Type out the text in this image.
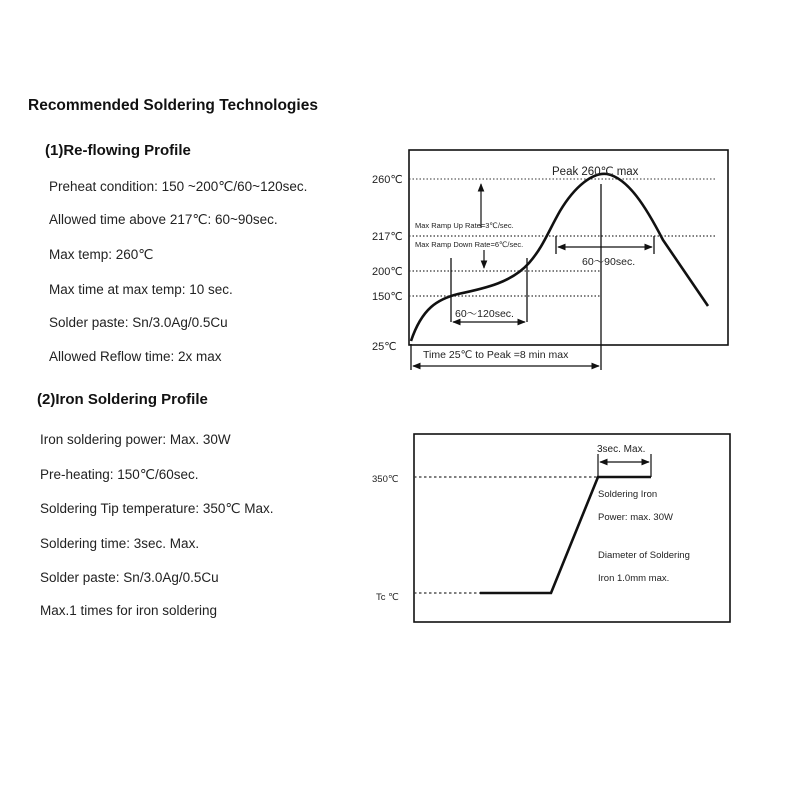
Recommended Soldering Technologies
(1)Re-flowing Profile
Preheat condition: 150 ~200℃/60~120sec.
Allowed time above 217℃: 60~90sec.
Max temp: 260℃
Max time at max temp: 10 sec.
Solder paste: Sn/3.0Ag/0.5Cu
Allowed Reflow time: 2x max
(2)Iron Soldering Profile
Iron soldering power: Max. 30W
Pre-heating: 150℃/60sec.
Soldering Tip temperature: 350℃ Max.
Soldering time: 3sec. Max.
Solder paste: Sn/3.0Ag/0.5Cu
Max.1 times for iron soldering
260℃
217℃
200℃
150℃
25℃
Peak 260℃ max
Max Ramp Up Rate=3℃/sec.
Max Ramp Down Rate=6℃/sec.
60～120sec.
60～90sec.
Time 25℃ to Peak =8 min max
350℃
Tc ℃
3sec. Max.
Soldering Iron
Power: max. 30W
Diameter of Soldering
Iron 1.0mm max.
